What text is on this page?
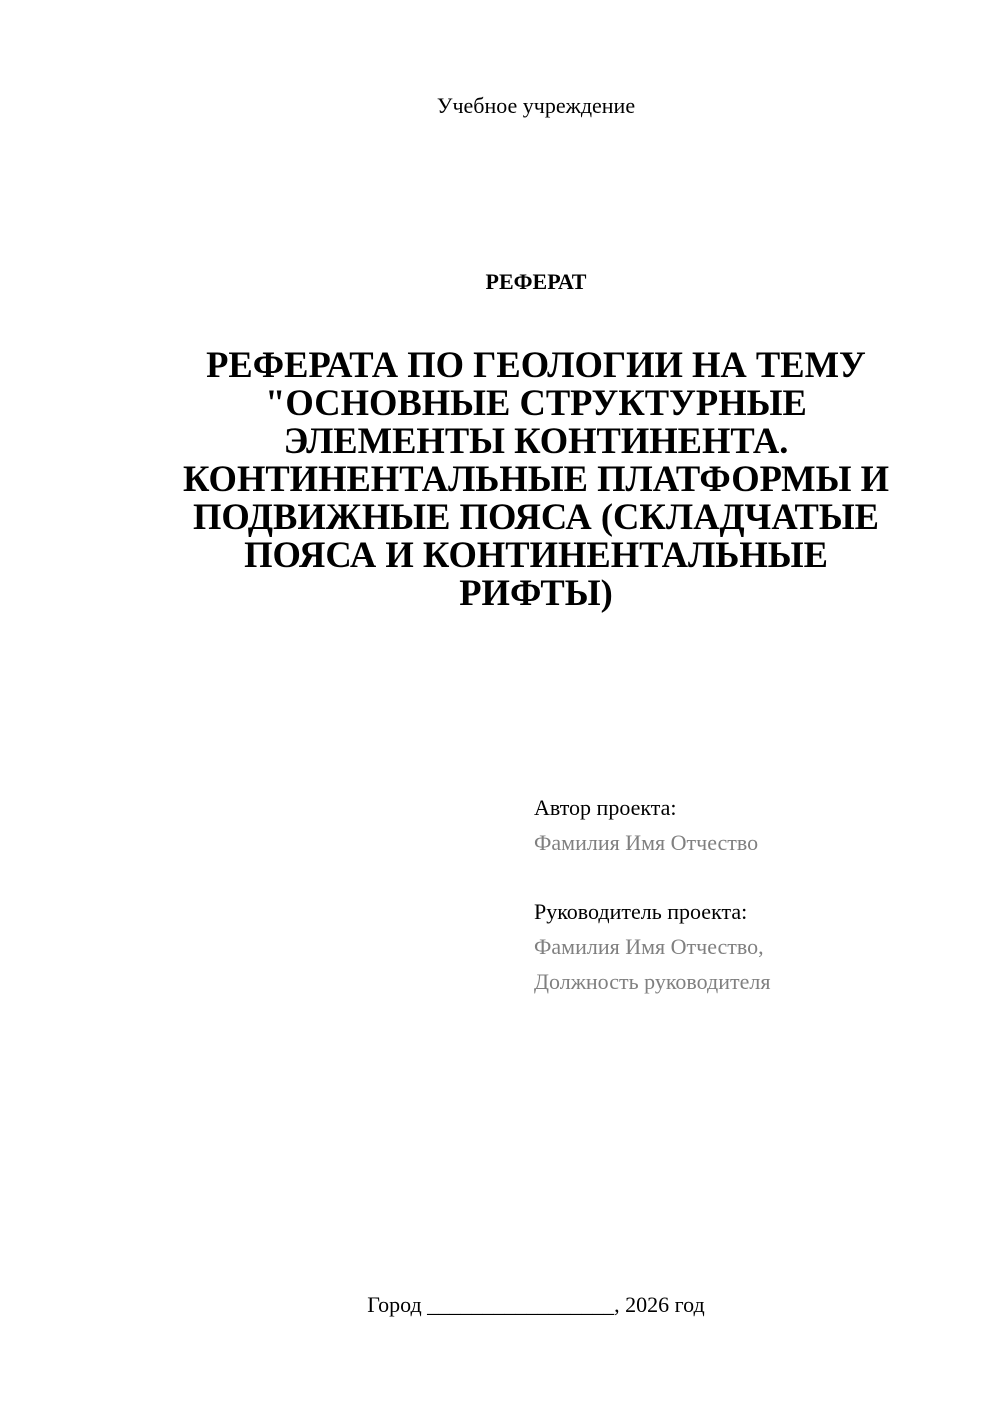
Учебное учреждение
РЕФЕРАТ
РЕФЕРАТА ПО ГЕОЛОГИИ НА ТЕМУ
"ОСНОВНЫЕ СТРУКТУРНЫЕ
ЭЛЕМЕНТЫ КОНТИНЕНТА.
КОНТИНЕНТАЛЬНЫЕ ПЛАТФОРМЫ И
ПОДВИЖНЫЕ ПОЯСА (СКЛАДЧАТЫЕ
ПОЯСА И КОНТИНЕНТАЛЬНЫЕ
РИФТЫ)
Автор проекта:
Фамилия Имя Отчество
Руководитель проекта:
Фамилия Имя Отчество,
Должность руководителя
Город _________________, 2026 год
